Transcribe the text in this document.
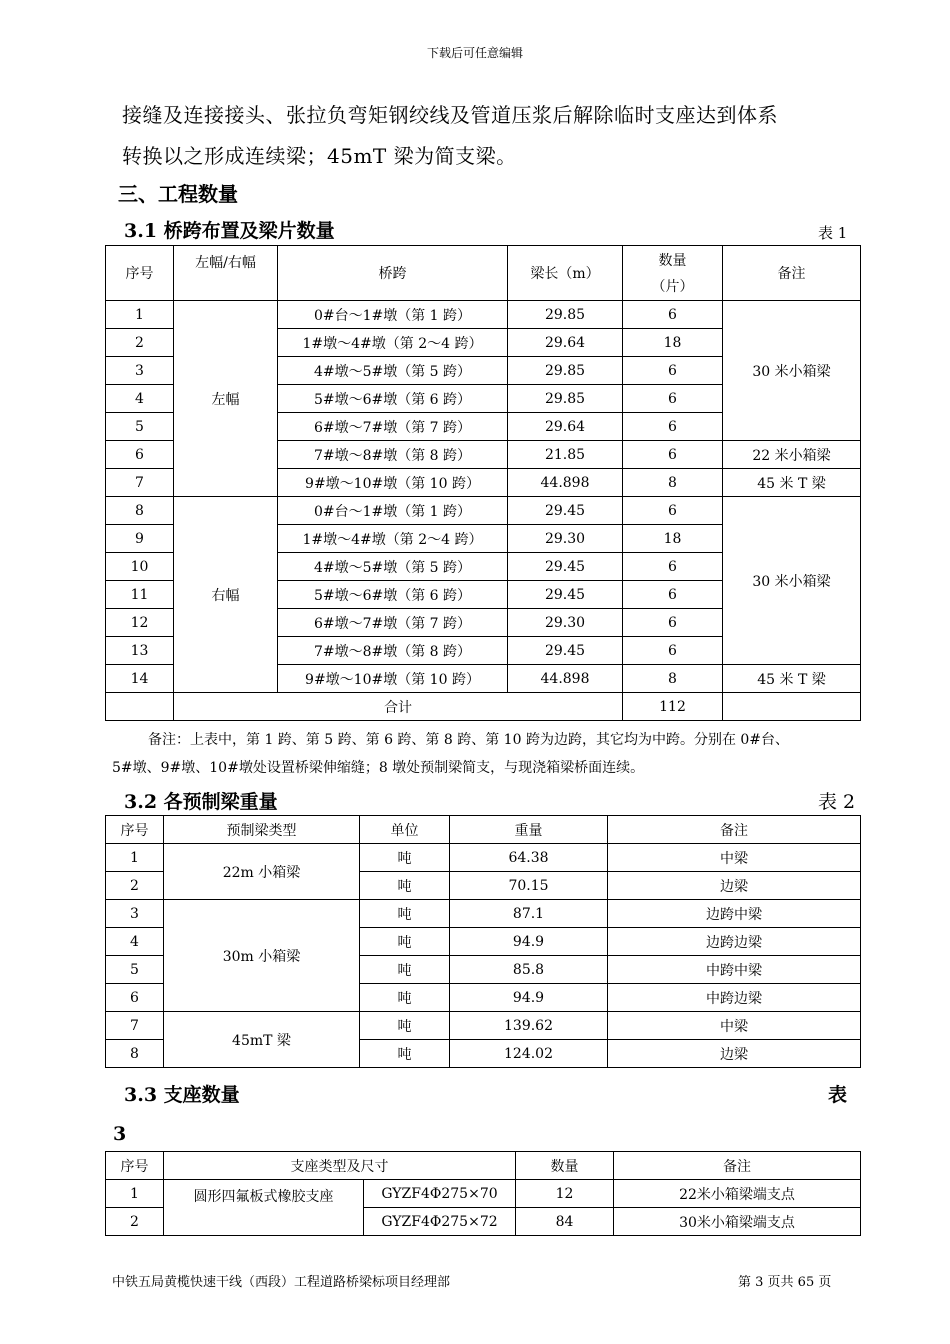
下载后可任意编辑
接缝及连接接头、张拉负弯矩钢绞线及管道压浆后解除临时支座达到体系
转换以之形成连续梁；45mT 梁为简支梁。
三、工程数量
3.1 桥跨布置及梁片数量	表 1
序号	左幅/右幅	桥跨	梁长（m）	数量
（片）	备注
1	左幅	0#台～1#墩（第 1 跨）	29.85	6	30 米小箱梁
2		1#墩～4#墩（第 2～4 跨）	29.64	18	
3		4#墩～5#墩（第 5 跨）	29.85	6	
4		5#墩～6#墩（第 6 跨）	29.85	6	
5		6#墩～7#墩（第 7 跨）	29.64	6	
6		7#墩～8#墩（第 8 跨）	21.85	6	22 米小箱梁
7		9#墩～10#墩（第 10 跨）	44.898	8	45 米 T 梁
8	右幅	0#台～1#墩（第 1 跨）	29.45	6	30 米小箱梁
9		1#墩～4#墩（第 2～4 跨）	29.30	18	
10		4#墩～5#墩（第 5 跨）	29.45	6	
11		5#墩～6#墩（第 6 跨）	29.45	6	
12		6#墩～7#墩（第 7 跨）	29.30	6	
13		7#墩～8#墩（第 8 跨）	29.45	6	
14		9#墩～10#墩（第 10 跨）	44.898	8	45 米 T 梁
	合计			112	
备注：上表中，第 1 跨、第 5 跨、第 6 跨、第 8 跨、第 10 跨为边跨，其它均为中跨。分别在 0#台、
5#墩、9#墩、10#墩处设置桥梁伸缩缝；8 墩处预制梁简支，与现浇箱梁桥面连续。
3.2 各预制梁重量	表 2
序号	预制梁类型	单位	重量	备注
1	22m 小箱梁	吨	64.38	中梁
2		吨	70.15	边梁
3	30m 小箱梁	吨	87.1	边跨中梁
4		吨	94.9	边跨边梁
5		吨	85.8	中跨中梁
6		吨	94.9	中跨边梁
7	45mT 梁	吨	139.62	中梁
8		吨	124.02	边梁
3.3 支座数量	表
3
序号	支座类型及尺寸		数量	备注
1	圆形四氟板式橡胶支座	GYZF4Φ275×70	12	22米小箱梁端支点
2		GYZF4Φ275×72	84	30米小箱梁端支点
中铁五局黄榄快速干线（西段）工程道路桥梁标项目经理部	第 3 页共 65 页
